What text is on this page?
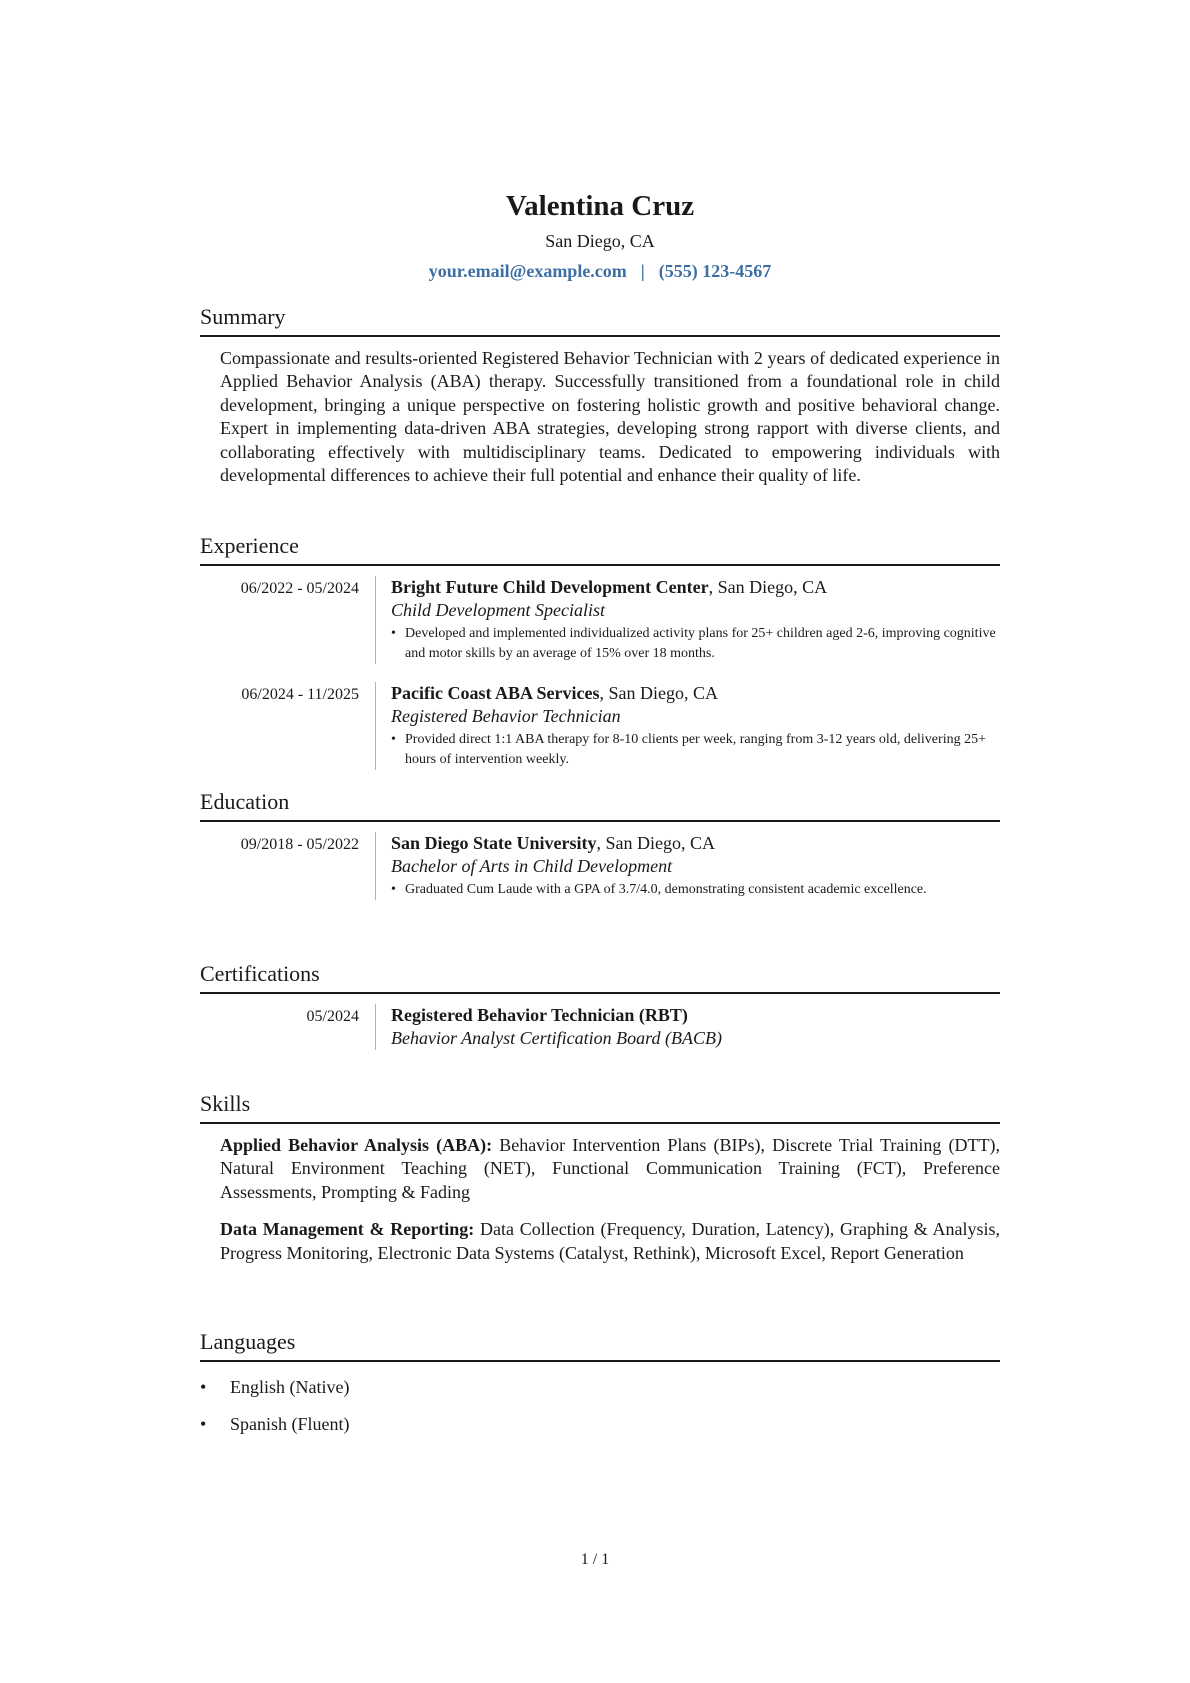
Valentina Cruz
San Diego, CA
your.email@example.com | (555) 123-4567
Summary
Compassionate and results-oriented Registered Behavior Technician with 2 years of dedicated experience in Applied Behavior Analysis (ABA) therapy. Successfully transitioned from a foundational role in child development, bringing a unique perspective on fostering holistic growth and positive behavioral change. Expert in implementing data-driven ABA strategies, developing strong rapport with diverse clients, and collaborating effectively with multidisciplinary teams. Dedicated to empowering individuals with developmental differences to achieve their full potential and enhance their quality of life.
Experience
06/2022 - 05/2024	Bright Future Child Development Center, San Diego, CA
Child Development Specialist
• Developed and implemented individualized activity plans for 25+ children aged 2-6, improving cognitive and motor skills by an average of 15% over 18 months.
06/2024 - 11/2025	Pacific Coast ABA Services, San Diego, CA
Registered Behavior Technician
• Provided direct 1:1 ABA therapy for 8-10 clients per week, ranging from 3-12 years old, delivering 25+ hours of intervention weekly.
Education
09/2018 - 05/2022	San Diego State University, San Diego, CA
Bachelor of Arts in Child Development
• Graduated Cum Laude with a GPA of 3.7/4.0, demonstrating consistent academic excellence.
Certifications
05/2024	Registered Behavior Technician (RBT)
Behavior Analyst Certification Board (BACB)
Skills
Applied Behavior Analysis (ABA): Behavior Intervention Plans (BIPs), Discrete Trial Training (DTT), Natural Environment Teaching (NET), Functional Communication Training (FCT), Preference Assessments, Prompting & Fading
Data Management & Reporting: Data Collection (Frequency, Duration, Latency), Graphing & Analysis, Progress Monitoring, Electronic Data Systems (Catalyst, Rethink), Microsoft Excel, Report Generation
Languages
• English (Native)
• Spanish (Fluent)
1 / 1
